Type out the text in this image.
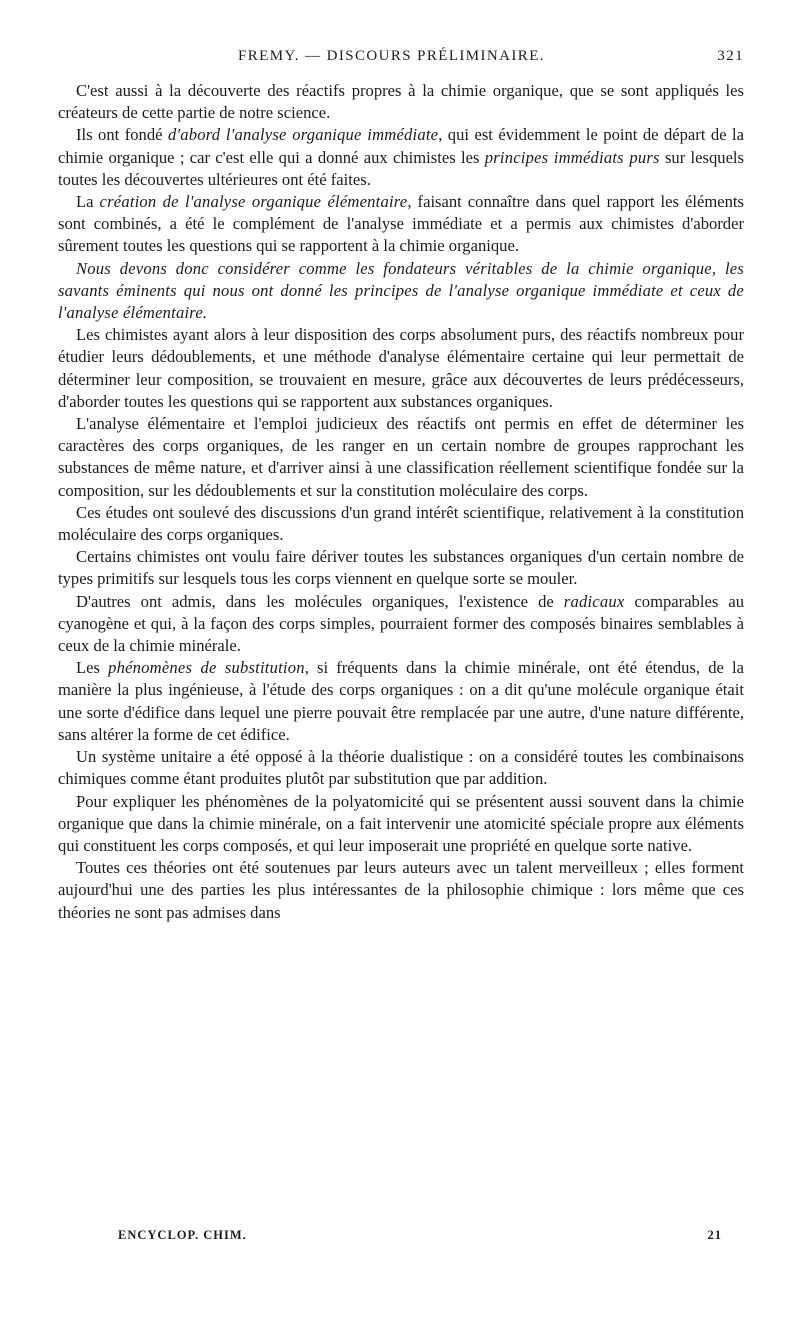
FREMY. — DISCOURS PRÉLIMINAIRE.	321

C'est aussi à la découverte des réactifs propres à la chimie organique, que se sont appliqués les créateurs de cette partie de notre science.

Ils ont fondé d'abord l'analyse organique immédiate, qui est évidemment le point de départ de la chimie organique ; car c'est elle qui a donné aux chimistes les principes immédiats purs sur lesquels toutes les découvertes ultérieures ont été faites.

La création de l'analyse organique élémentaire, faisant connaître dans quel rapport les éléments sont combinés, a été le complément de l'analyse immédiate et a permis aux chimistes d'aborder sûrement toutes les questions qui se rapportent à la chimie organique.

Nous devons donc considérer comme les fondateurs véritables de la chimie organique, les savants éminents qui nous ont donné les principes de l'analyse organique immédiate et ceux de l'analyse élémentaire.

Les chimistes ayant alors à leur disposition des corps absolument purs, des réactifs nombreux pour étudier leurs dédoublements, et une méthode d'analyse élémentaire certaine qui leur permettait de déterminer leur composition, se trouvaient en mesure, grâce aux découvertes de leurs prédécesseurs, d'aborder toutes les questions qui se rapportent aux substances organiques.

L'analyse élémentaire et l'emploi judicieux des réactifs ont permis en effet de déterminer les caractères des corps organiques, de les ranger en un certain nombre de groupes rapprochant les substances de même nature, et d'arriver ainsi à une classification réellement scientifique fondée sur la composition, sur les dédoublements et sur la constitution moléculaire des corps.

Ces études ont soulevé des discussions d'un grand intérêt scientifique, relativement à la constitution moléculaire des corps organiques.

Certains chimistes ont voulu faire dériver toutes les substances organiques d'un certain nombre de types primitifs sur lesquels tous les corps viennent en quelque sorte se mouler.

D'autres ont admis, dans les molécules organiques, l'existence de radicaux comparables au cyanogène et qui, à la façon des corps simples, pourraient former des composés binaires semblables à ceux de la chimie minérale.

Les phénomènes de substitution, si fréquents dans la chimie minérale, ont été étendus, de la manière la plus ingénieuse, à l'étude des corps organiques : on a dit qu'une molécule organique était une sorte d'édifice dans lequel une pierre pouvait être remplacée par une autre, d'une nature différente, sans altérer la forme de cet édifice.

Un système unitaire a été opposé à la théorie dualistique : on a considéré toutes les combinaisons chimiques comme étant produites plutôt par substitution que par addition.

Pour expliquer les phénomènes de la polyatomicité qui se présentent aussi souvent dans la chimie organique que dans la chimie minérale, on a fait intervenir une atomicité spéciale propre aux éléments qui constituent les corps composés, et qui leur imposerait une propriété en quelque sorte native.

Toutes ces théories ont été soutenues par leurs auteurs avec un talent merveilleux ; elles forment aujourd'hui une des parties les plus intéressantes de la philosophie chimique : lors même que ces théories ne sont pas admises dans

ENCYCLOP. CHIM.	21
